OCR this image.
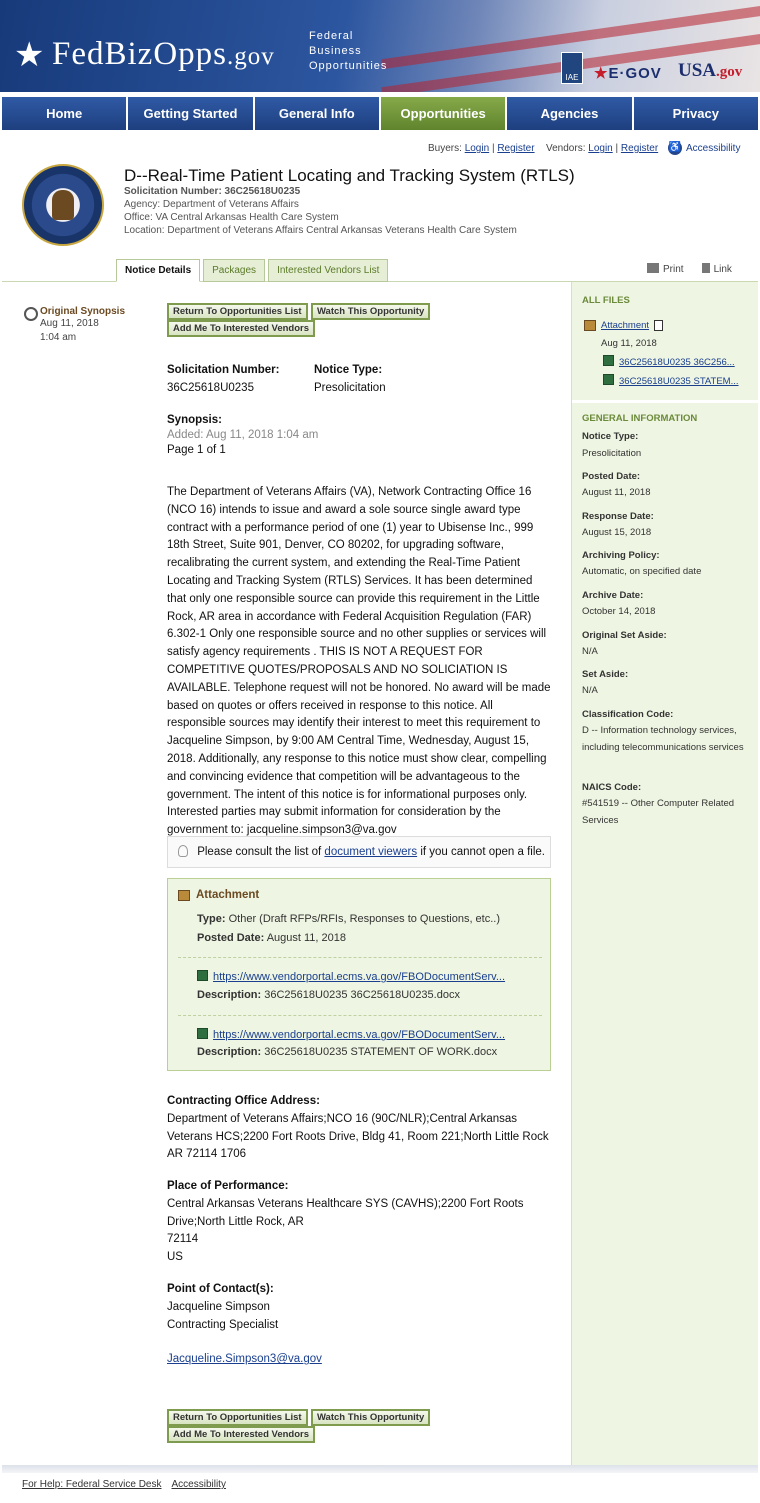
★ FedBizOpps.gov
Federal
Business
Opportunities
IAE	★E·GOV USA.gov
Home	Getting Started	General Info	Opportunities	Agencies	Privacy
Buyers: Login | Register Vendors: Login | Register ♿ Accessibility
D--Real-Time Patient Locating and Tracking System (RTLS)
Solicitation Number: 36C25618U0235
Agency: Department of Veterans Affairs
Office: VA Central Arkansas Health Care System
Location: Department of Veterans Affairs Central Arkansas Veterans Health Care System
Notice Details	Packages	Interested Vendors List	Print	Link
Original Synopsis
Aug 11, 2018
1:04 am
Return To Opportunities List Watch This Opportunity
Add Me To Interested Vendors
Solicitation Number:
36C25618U0235
Notice Type:
Presolicitation
Synopsis:
Added: Aug 11, 2018 1:04 am
Page 1 of 1
The Department of Veterans Affairs (VA), Network Contracting Office 16 (NCO 16) intends to issue and award a sole source single award type contract with a performance period of one (1) year to Ubisense Inc., 999 18th Street, Suite 901, Denver, CO 80202, for upgrading software, recalibrating the current system, and extending the Real-Time Patient Locating and Tracking System (RTLS) Services. It has been determined that only one responsible source can provide this requirement in the Little Rock, AR area in accordance with Federal Acquisition Regulation (FAR) 6.302-1 Only one responsible source and no other supplies or services will satisfy agency requirements . THIS IS NOT A REQUEST FOR COMPETITIVE QUOTES/PROPOSALS AND NO SOLICIATION IS AVAILABLE. Telephone request will not be honored. No award will be made based on quotes or offers received in response to this notice. All responsible sources may identify their interest to meet this requirement to Jacqueline Simpson, by 9:00 AM Central Time, Wednesday, August 15, 2018. Additionally, any response to this notice must show clear, compelling and convincing evidence that competition will be advantageous to the government. The intent of this notice is for informational purposes only. Interested parties may submit information for consideration by the government to: jacqueline.simpson3@va.gov
Please consult the list of document viewers if you cannot open a file.
Attachment
Type: Other (Draft RFPs/RFIs, Responses to Questions, etc..)
Posted Date: August 11, 2018
https://www.vendorportal.ecms.va.gov/FBODocumentServ...
Description: 36C25618U0235 36C25618U0235.docx
https://www.vendorportal.ecms.va.gov/FBODocumentServ...
Description: 36C25618U0235 STATEMENT OF WORK.docx
Contracting Office Address:
Department of Veterans Affairs;NCO 16 (90C/NLR);Central Arkansas Veterans HCS;2200 Fort Roots Drive, Bldg 41, Room 221;North Little Rock AR 72114 1706
Place of Performance:
Central Arkansas Veterans Healthcare SYS (CAVHS);2200 Fort Roots
Drive;North Little Rock, AR
72114
US
Point of Contact(s):
Jacqueline Simpson
Contracting Specialist
Jacqueline.Simpson3@va.gov
Return To Opportunities List Watch This Opportunity
Add Me To Interested Vendors
ALL FILES
Attachment
Aug 11, 2018
36C25618U0235 36C256...
36C25618U0235 STATEM...
GENERAL INFORMATION
Notice Type:
Presolicitation
Posted Date:
August 11, 2018
Response Date:
August 15, 2018
Archiving Policy:
Automatic, on specified date
Archive Date:
October 14, 2018
Original Set Aside:
N/A
Set Aside:
N/A
Classification Code:
D -- Information technology services, including telecommunications services
NAICS Code:
#541519 -- Other Computer Related Services
For Help: Federal Service Desk Accessibility
